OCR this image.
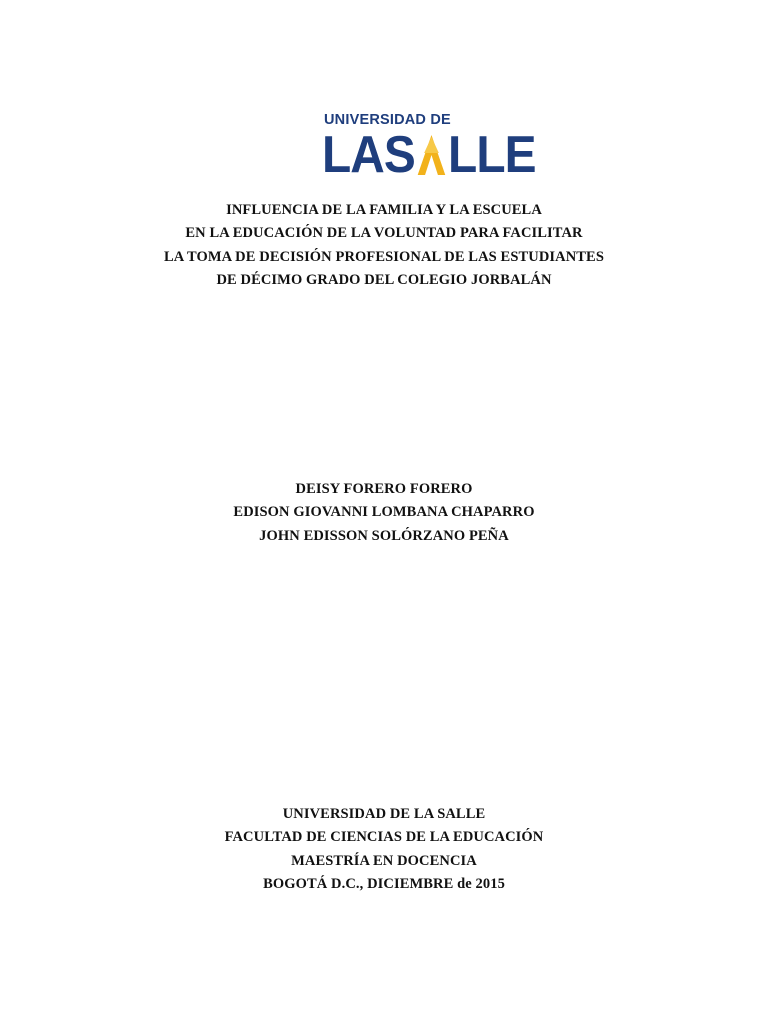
UNIVERSIDAD DE
LAS LLE
INFLUENCIA DE LA FAMILIA Y LA ESCUELA
EN LA EDUCACIÓN DE LA VOLUNTAD PARA FACILITAR
LA TOMA DE DECISIÓN PROFESIONAL DE LAS ESTUDIANTES
DE DÉCIMO GRADO DEL COLEGIO JORBALÁN
DEISY FORERO FORERO
EDISON GIOVANNI LOMBANA CHAPARRO
JOHN EDISSON SOLÓRZANO PEÑA
UNIVERSIDAD DE LA SALLE
FACULTAD DE CIENCIAS DE LA EDUCACIÓN
MAESTRÍA EN DOCENCIA
BOGOTÁ D.C., DICIEMBRE de 2015
